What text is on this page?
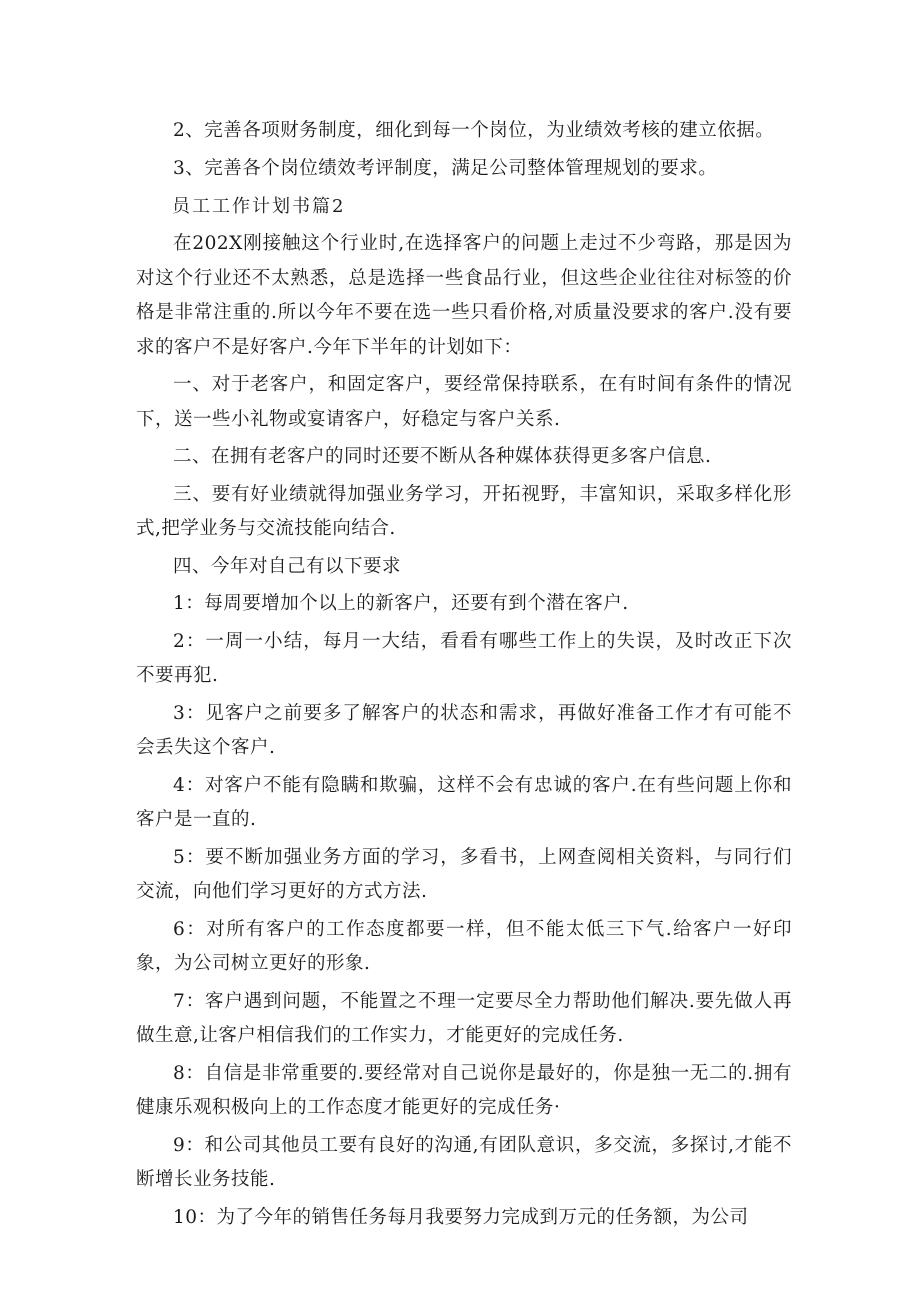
2、完善各项财务制度，细化到每一个岗位，为业绩效考核的建立依据。

3、完善各个岗位绩效考评制度，满足公司整体管理规划的要求。

员工工作计划书篇2

在202X刚接触这个行业时,在选择客户的问题上走过不少弯路，那是因为对这个行业还不太熟悉，总是选择一些食品行业，但这些企业往往对标签的价格是非常注重的.所以今年不要在选一些只看价格,对质量没要求的客户.没有要求的客户不是好客户.今年下半年的计划如下：

一、对于老客户，和固定客户，要经常保持联系，在有时间有条件的情况下，送一些小礼物或宴请客户，好稳定与客户关系.

二、在拥有老客户的同时还要不断从各种媒体获得更多客户信息.

三、要有好业绩就得加强业务学习，开拓视野，丰富知识，采取多样化形式,把学业务与交流技能向结合.

四、今年对自己有以下要求

1：每周要增加个以上的新客户，还要有到个潜在客户.

2：一周一小结，每月一大结，看看有哪些工作上的失误，及时改正下次不要再犯.

3：见客户之前要多了解客户的状态和需求，再做好准备工作才有可能不会丢失这个客户.

4：对客户不能有隐瞒和欺骗，这样不会有忠诚的客户.在有些问题上你和客户是一直的.

5：要不断加强业务方面的学习，多看书，上网查阅相关资料，与同行们交流，向他们学习更好的方式方法.

6：对所有客户的工作态度都要一样，但不能太低三下气.给客户一好印象，为公司树立更好的形象.

7：客户遇到问题，不能置之不理一定要尽全力帮助他们解决.要先做人再做生意,让客户相信我们的工作实力，才能更好的完成任务.

8：自信是非常重要的.要经常对自己说你是最好的，你是独一无二的.拥有健康乐观积极向上的工作态度才能更好的完成任务·

9：和公司其他员工要有良好的沟通,有团队意识，多交流，多探讨,才能不断增长业务技能.

10：为了今年的销售任务每月我要努力完成到万元的任务额，为公司
